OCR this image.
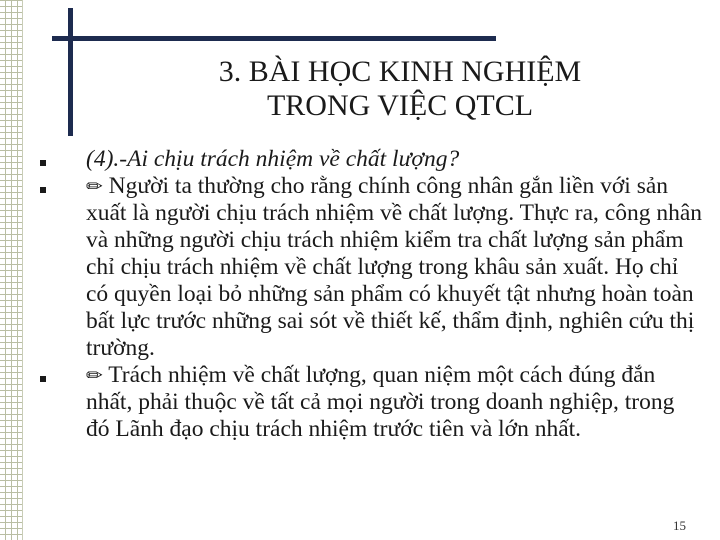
3. BÀI HỌC KINH NGHIỆM
TRONG VIỆC QTCL

(4).-Ai chịu trách nhiệm về chất lượng?

✏ Người ta thường cho rằng chính công nhân gắn liền với sản xuất là người chịu trách nhiệm về chất lượng. Thực ra, công nhân và những người chịu trách nhiệm kiểm tra chất lượng sản phẩm chỉ chịu trách nhiệm về chất lượng trong khâu sản xuất. Họ chỉ có quyền loại bỏ những sản phẩm có khuyết tật nhưng hoàn toàn bất lực trước những sai sót về thiết kế, thẩm định, nghiên cứu thị trường.

✏ Trách nhiệm về chất lượng, quan niệm một cách đúng đắn nhất, phải thuộc về tất cả mọi người trong doanh nghiệp, trong đó Lãnh đạo chịu trách nhiệm trước tiên và lớn nhất.

15
